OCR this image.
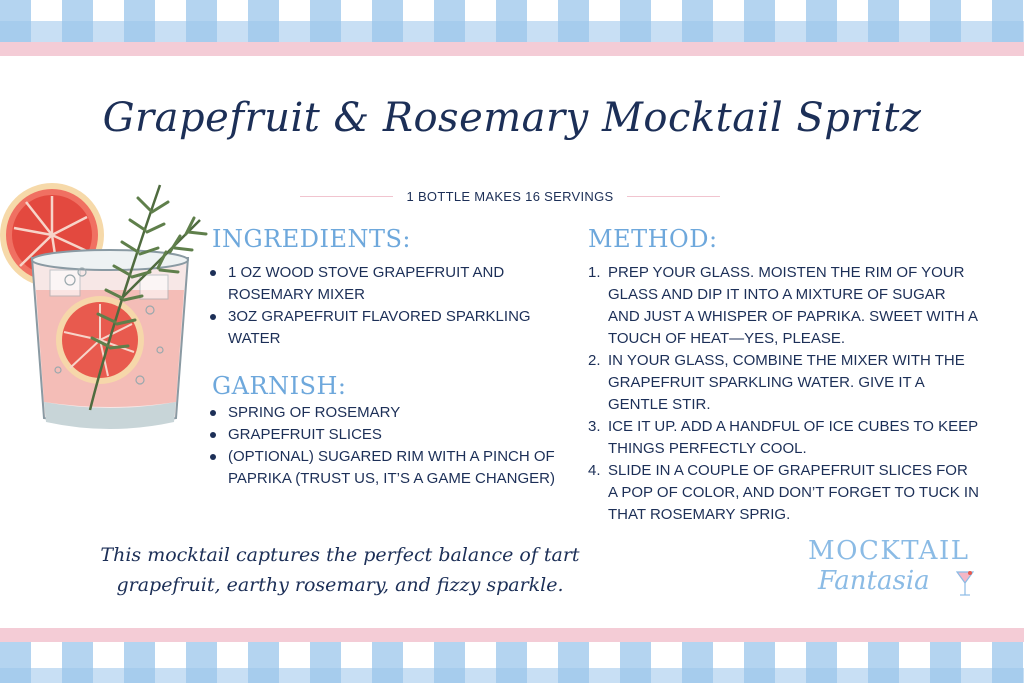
Grapefruit & Rosemary Mocktail Spritz
1 BOTTLE MAKES 16 SERVINGS
INGREDIENTS:
1 OZ WOOD STOVE GRAPEFRUIT AND ROSEMARY MIXER
3OZ GRAPEFRUIT FLAVORED SPARKLING WATER
GARNISH:
SPRING OF ROSEMARY
GRAPEFRUIT SLICES
(OPTIONAL) SUGARED RIM WITH A PINCH OF PAPRIKA (TRUST US, IT’S A GAME CHANGER)
METHOD:
1. PREP YOUR GLASS. MOISTEN THE RIM OF YOUR GLASS AND DIP IT INTO A MIXTURE OF SUGAR AND JUST A WHISPER OF PAPRIKA. SWEET WITH A TOUCH OF HEAT—YES, PLEASE.
2. IN YOUR GLASS, COMBINE THE MIXER WITH THE GRAPEFRUIT SPARKLING WATER. GIVE IT A GENTLE STIR.
3. ICE IT UP. ADD A HANDFUL OF ICE CUBES TO KEEP THINGS PERFECTLY COOL.
4. SLIDE IN A COUPLE OF GRAPEFRUIT SLICES FOR A POP OF COLOR, AND DON’T FORGET TO TUCK IN THAT ROSEMARY SPRIG.
This mocktail captures the perfect balance of tart grapefruit, earthy rosemary, and fizzy sparkle.
MOCKTAIL
Fantasia
